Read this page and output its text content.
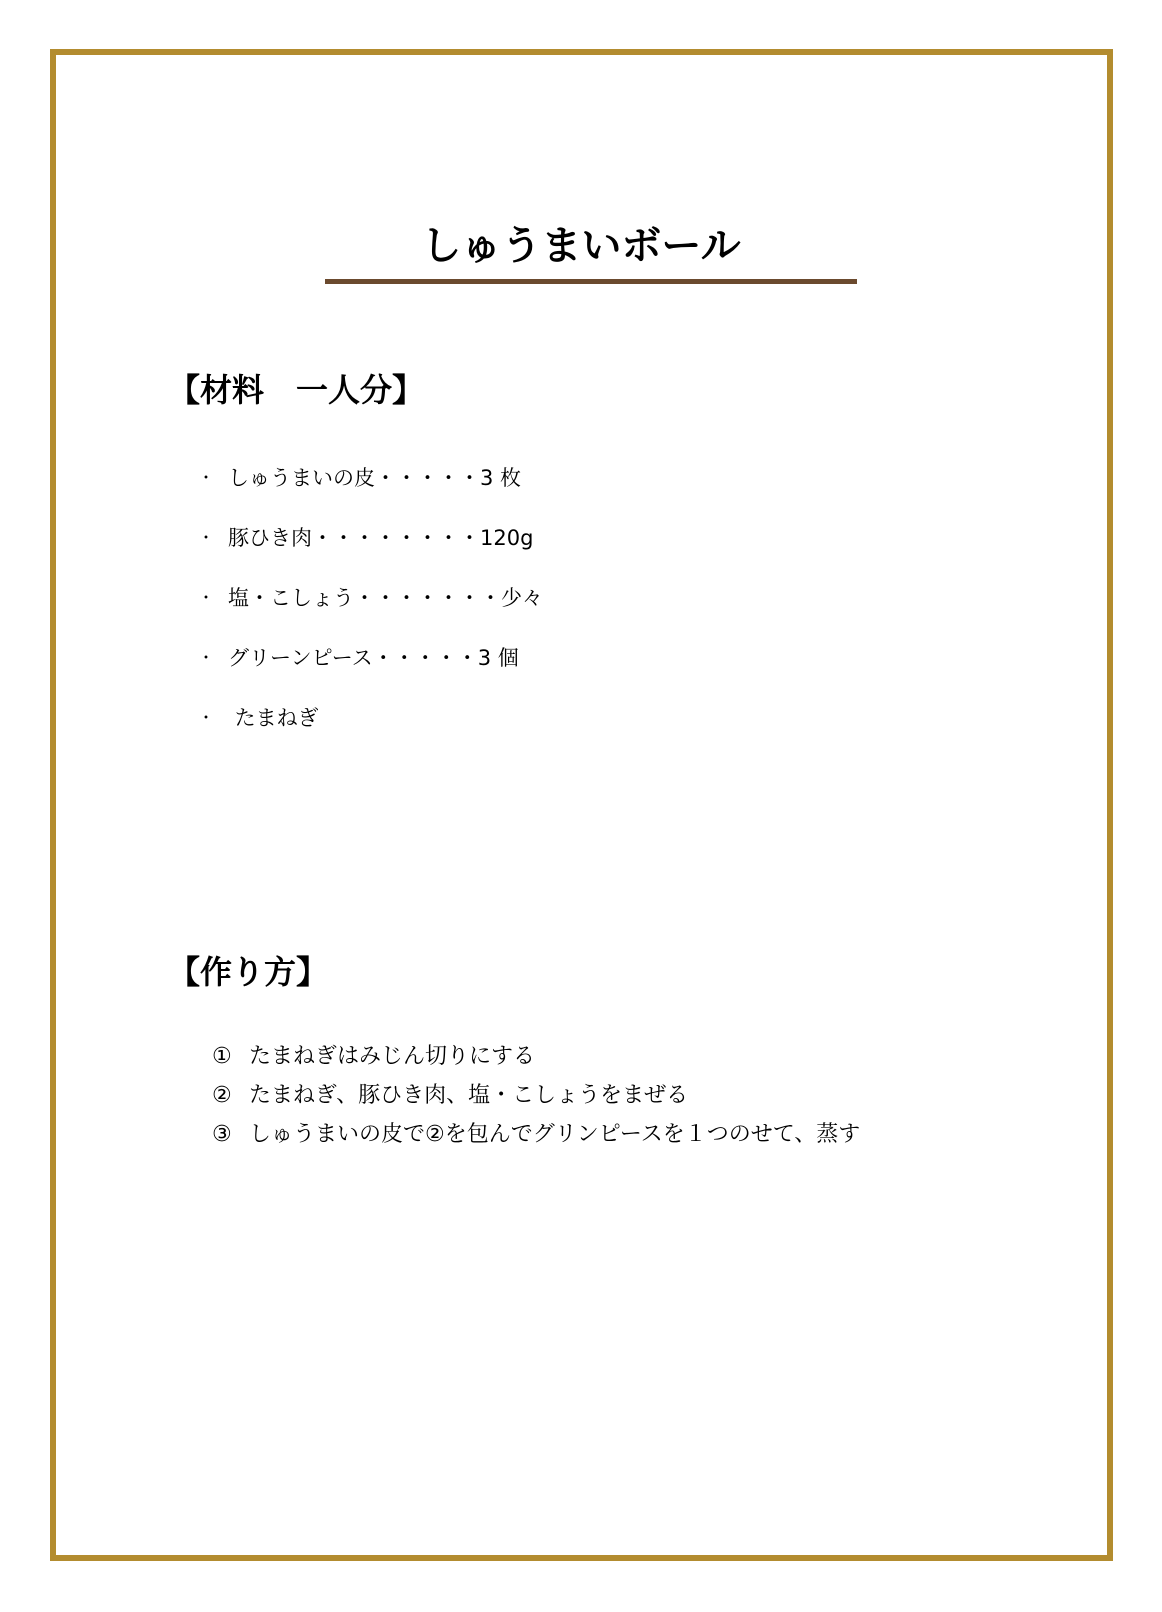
しゅうまいボール
【材料　一人分】
・ しゅうまいの皮・・・・・3 枚
・ 豚ひき肉・・・・・・・・120g
・ 塩・こしょう・・・・・・・少々
・ グリーンピース・・・・・3 個
・ たまねぎ
【作り方】
① たまねぎはみじん切りにする
② たまねぎ、豚ひき肉、塩・こしょうをまぜる
③ しゅうまいの皮で②を包んでグリンピースを１つのせて、蒸す
